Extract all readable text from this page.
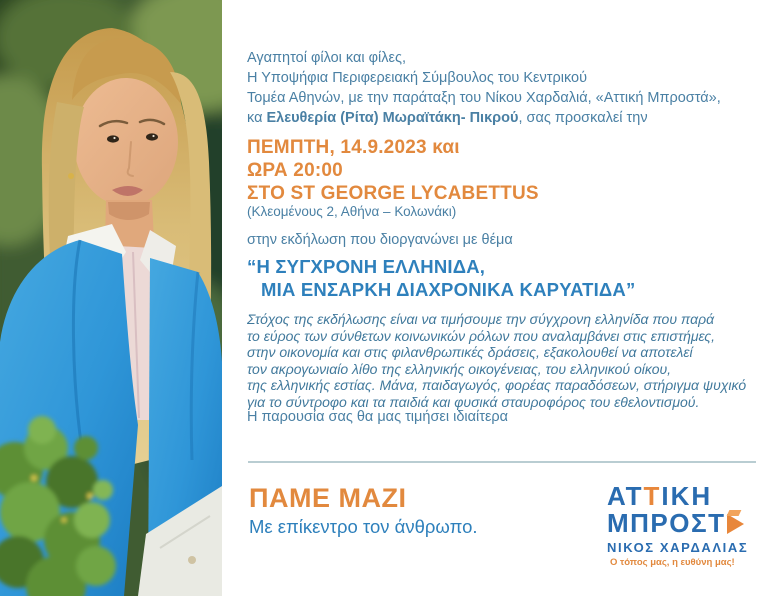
Αγαπητοί φίλοι και φίλες,
Η Υποψήφια Περιφερειακή Σύμβουλος του Κεντρικού
Τομέα Αθηνών, με την παράταξη του Νίκου Χαρδαλιά, «Αττική Μπροστά»,
κα Ελευθερία (Ρίτα) Μωραϊτάκη- Πικρού, σας προσκαλεί την
ΠΕΜΠΤΗ, 14.9.2023 και
ΩΡΑ 20:00
ΣΤΟ ST GEORGE LYCABETTUS
(Κλεομένους 2, Αθήνα – Κολωνάκι)
στην εκδήλωση που διοργανώνει με θέμα
“Η ΣΥΓΧΡΟΝΗ ΕΛΛΗΝΙΔΑ,
ΜΙΑ ΕΝΣΑΡΚΗ ΔΙΑΧΡΟΝΙΚΑ ΚΑΡΥΑΤΙΔΑ”
Στόχος της εκδήλωσης είναι να τιμήσουμε την σύγχρονη ελληνίδα που παρά
το εύρος των σύνθετων κοινωνικών ρόλων που αναλαμβάνει στις επιστήμες,
στην οικονομία και στις φιλανθρωπικές δράσεις, εξακολουθεί να αποτελεί
τον ακρογωνιαίο λίθο της ελληνικής οικογένειας, του ελληνικού οίκου,
της ελληνικής εστίας. Μάνα, παιδαγωγός, φορέας παραδόσεων, στήριγμα ψυχικό
για το σύντροφο και τα παιδιά και φυσικά σταυροφόρος του εθελοντισμού.
Η παρουσία σας θα μας τιμήσει ιδιαίτερα
ΠΑΜΕ ΜΑΖΙ
Με επίκεντρο τον άνθρωπο.
ΑΤΤΙΚΗ
ΜΠΡΟΣΤ
ΝΙΚΟΣ ΧΑΡΔΑΛΙΑΣ
Ο τόπος μας, η ευθύνη μας!
